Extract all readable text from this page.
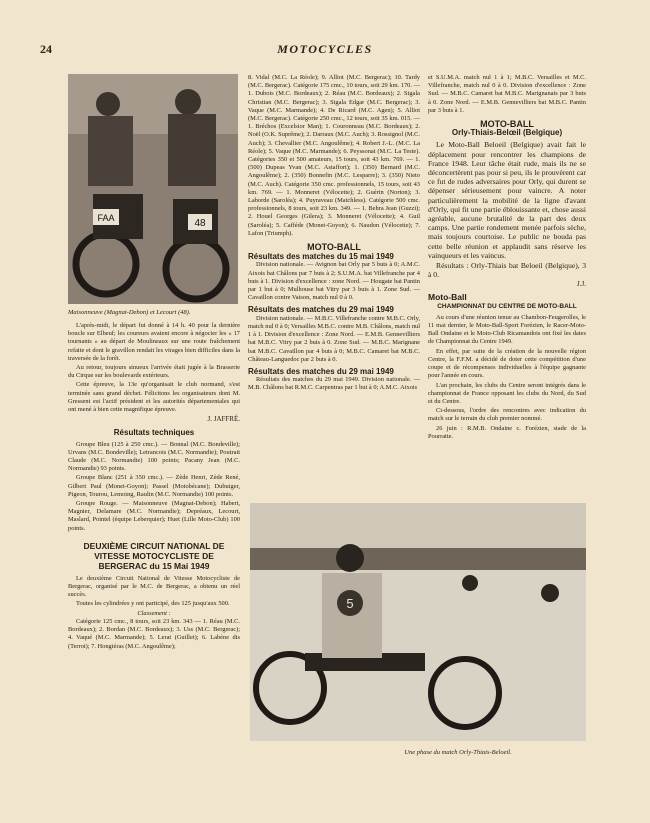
24	MOTOCYCLES
FAA	48
Maisonneuve (Magnat-Debon) et Lecourt (48).

L'après-midi, le départ fut donné à 14 h. 40 pour la dernière boucle sur Elbeuf; les coureurs avaient encore à négocier les « 17 tournants » au départ de Moulineaux sur une route fraîchement refaite et dont le gravillon rendait les virages bien difficiles dans la traversée de la forêt.

Au retour, toujours sinueux l'arrivée était jugée à la Brasserie du Cirque sur les boulevards extérieurs.

Cette épreuve, la 13e qu'organisait le club normand, s'est terminée sans grand déchet. Félicitons les organisateurs dont M. Gressent est l'actif président et les autorités départementales qui ont mené à bien cette magnifique épreuve.

J. JAFFRÉ.
Résultats techniques

Groupe Bleu (125 à 250 cmc.). — Bonnal (M.C. Bondeville); Urvans (M.C. Bondeville); Letrancois (M.C. Normandie); Poutrait Claude (M.C. Normandie) 100 points; Pacany Jean (M.C. Normandie) 93 points.

Groupe Blanc (251 à 350 cmc.). — Zède Henri, Zède René, Gilbert Paul (Monet-Goyon); Passel (Motobécane); Dubuiger, Pigeon, Tourou, Lemoing, Raulin (M.C. Normandie) 100 points.

Groupe Rouge. — Maisonneuve (Magnat-Debon); Habert, Magnier, Delamare (M.C. Normandie); Depréaux, Lecourt, Maslard, Pointel (équipe Leberquier); Huet (Lille Moto-Club) 100 points.

DEUXIÈME CIRCUIT NATIONAL DE VITESSE MOTOCYCLISTE DE BERGERAC du 15 Mai 1949

Le deuxième Circuit National de Vitesse Motocycliste de Bergerac, organisé par le M.C. de Bergerac, a obtenu un réel succès.

Toutes les cylindrées y ont participé, des 125 jusqu'aux 500.

Classement :

Catégorie 125 cmc., 8 tours, soit 23 km. 343 — 1. Réau (M.C. Bordeaux); 2. Bordan (M.C. Bordeaux); 3. Uss (M.C. Bergerac); 4. Vaqué (M.C. Marmande); 5. Lerat (Guillet); 6. Labène dis (Terrot); 7. Hongiéras (M.C. Angoulême);

8. Vidal (M.C. La Réole); 9. Alliot (M.C. Bergerac); 10. Tardy (M.C. Bergerac). Catégorie 175 cmc., 10 tours, soit 29 km. 170. — 1. Dubois (M.C. Bordeaux); 2. Réau (M.C. Bordeaux); 2. Sigala Christian (M.C. Bergerac); 3. Sigala Edgar (M.C. Bergerac); 3. Vaque (M.C. Marmande); 4. De Ricard (M.C. Agen); 5. Alliot (M.C. Bergerac). Catégorie 250 cmc., 12 tours, soit 35 km. 015. — 1. Bréchos (Excelsior Man); 1. Couronneau (M.C. Bordeaux); 2. Noël (O.K. Suprême); 2. Darraux (M.C. Auch); 3. Rossignol (M.C. Auch); 3. Chevallier (M.C. Angoulême); 4. Robert J.-L. (M.C. La Réole); 5. Vaque (M.C. Marmande); 6. Peyssonat (M.C. La Teste). Catégories 350 et 500 amateurs, 15 tours, soit 43 km. 769. — 1. (500) Dupeas Yvan (M.C. Astaffort); 1. (350) Bernard (M.C. Angoulême); 2. (350) Bonnefin (M.C. Lesparre); 3. (350) Nieto (M.C. Auch). Catégorie 350 cmc. professionnels, 15 tours, soit 43 km. 769. — 1. Monneret (Vélocette); 2. Guérin (Norton); 3. Laborde (Saroléa); 4. Puyraveau (Matchless). Catégorie 500 cmc. professionnels, 8 tours, soit 23 km. 349. — 1. Behra Jean (Guzzi); 2. Houel Georges (Gilera); 3. Monneret (Vélocette); 4. Guil (Saroléa); 5. Cafféde (Monet-Goyon); 6. Naudon (Vélocette); 7. Lafon (Triumph).

MOTO-BALL
Résultats des matches du 15 mai 1949

Division nationale. — Avignon bat Orly par 5 buts à 0; A.M.C. Aixois bat Châlons par 7 buts à 2; S.U.M.A. bat Villefranche par 4 buts à 1. Division d'excellence : zone Nord. — Hougate bat Pantin par 1 but à 0; Mulhouse bat Vitry par 3 buts à 1. Zone Sud. — Cavaillon contre Vaison, match nul 0 à 0.

Résultats des matches du 29 mai 1949

Division nationale. — M.B.C. Villefranche contre M.B.C. Orly, match nul 0 à 0; Versailles M.B.C. contre M.B. Châlons, match nul 1 à 1. Division d'excellence : Zone Nord. — E.M.B. Gennevilliers bat M.B.C. Vitry par 2 buts à 0. Zone Sud. — M.B.C. Marignane bat M.B.C. Cavaillon par 4 buts à 0; M.B.C. Camaret bat M.B.C. Château-Languedoc par 2 buts à 0.

Résultats des matches du 29 mai 1949

Résultats des matches du 29 mai 1949. Division nationale. — M.B. Châlons bat R.M.C. Carpentras par 1 but à 0; A.M.C. Aixois

et S.U.M.A. match nul 1 à 1; M.B.C. Versailles et M.C. Villefranche, match nul 0 à 0. Division d'excellence : Zone Sud. — M.B.C. Camaret bat M.B.C. Marignanais par 3 buts à 0. Zone Nord. — E.M.B. Gennevilliers bat M.B.C. Pantin par 3 buts à 1.

MOTO-BALL
Orly-Thiais-Belœil (Belgique)

Le Moto-Ball Beloeil (Belgique) avait fait le déplacement pour rencontrer les champions de France 1948. Leur tâche était rude, mais ils ne se déconcertèrent pas pour si peu, ils le prouvèrent car ce fut de rudes adversaires pour Orly, qui durent se dépenser sérieusement pour vaincre. A noter particulièrement la mobilité de la ligne d'avant d'Orly, qui fit une partie éblouissante et, chose aussi agréable, aucune brutalité de la part des deux camps. Une partie rondement menée parfois sèche, mais toujours courtoise. Le public ne bouda pas cette belle réunion et applaudit sans réserve les vainqueurs et les vaincus.

Résultats : Orly-Thiais bat Beloeil (Belgique), 3 à 0.

J.J.
Moto-Ball
CHAMPIONNAT DU CENTRE DE MOTO-BALL

Au cours d'une réunion tenue au Chambon-Feugerolles, le 11 mai dernier, le Moto-Ball-Sport Forézien, le Racer-Moto-Ball Ondaine et le Moto-Club Ricamandois ont fixé les dates de Championnat du Centre 1949.

En effet, par suite de la création de la nouvelle région Centre, la F.F.M. a décidé de doter cette compétition d'une coupe et de récompenses individuelles à l'équipe gagnante pour l'année en cours.

L'an prochain, les clubs du Centre seront intégrés dans le championnat de France opposant les clubs du Nord, du Sud et du Centre.

Ci-dessous, l'ordre des rencontres avec indication du match sur le terrain du club premier nommé.

26 juin : R.M.B. Ondaine c. Forézien, stade de la Pourratte.

5
Une phase du match Orly-Thiais-Beloeil.
